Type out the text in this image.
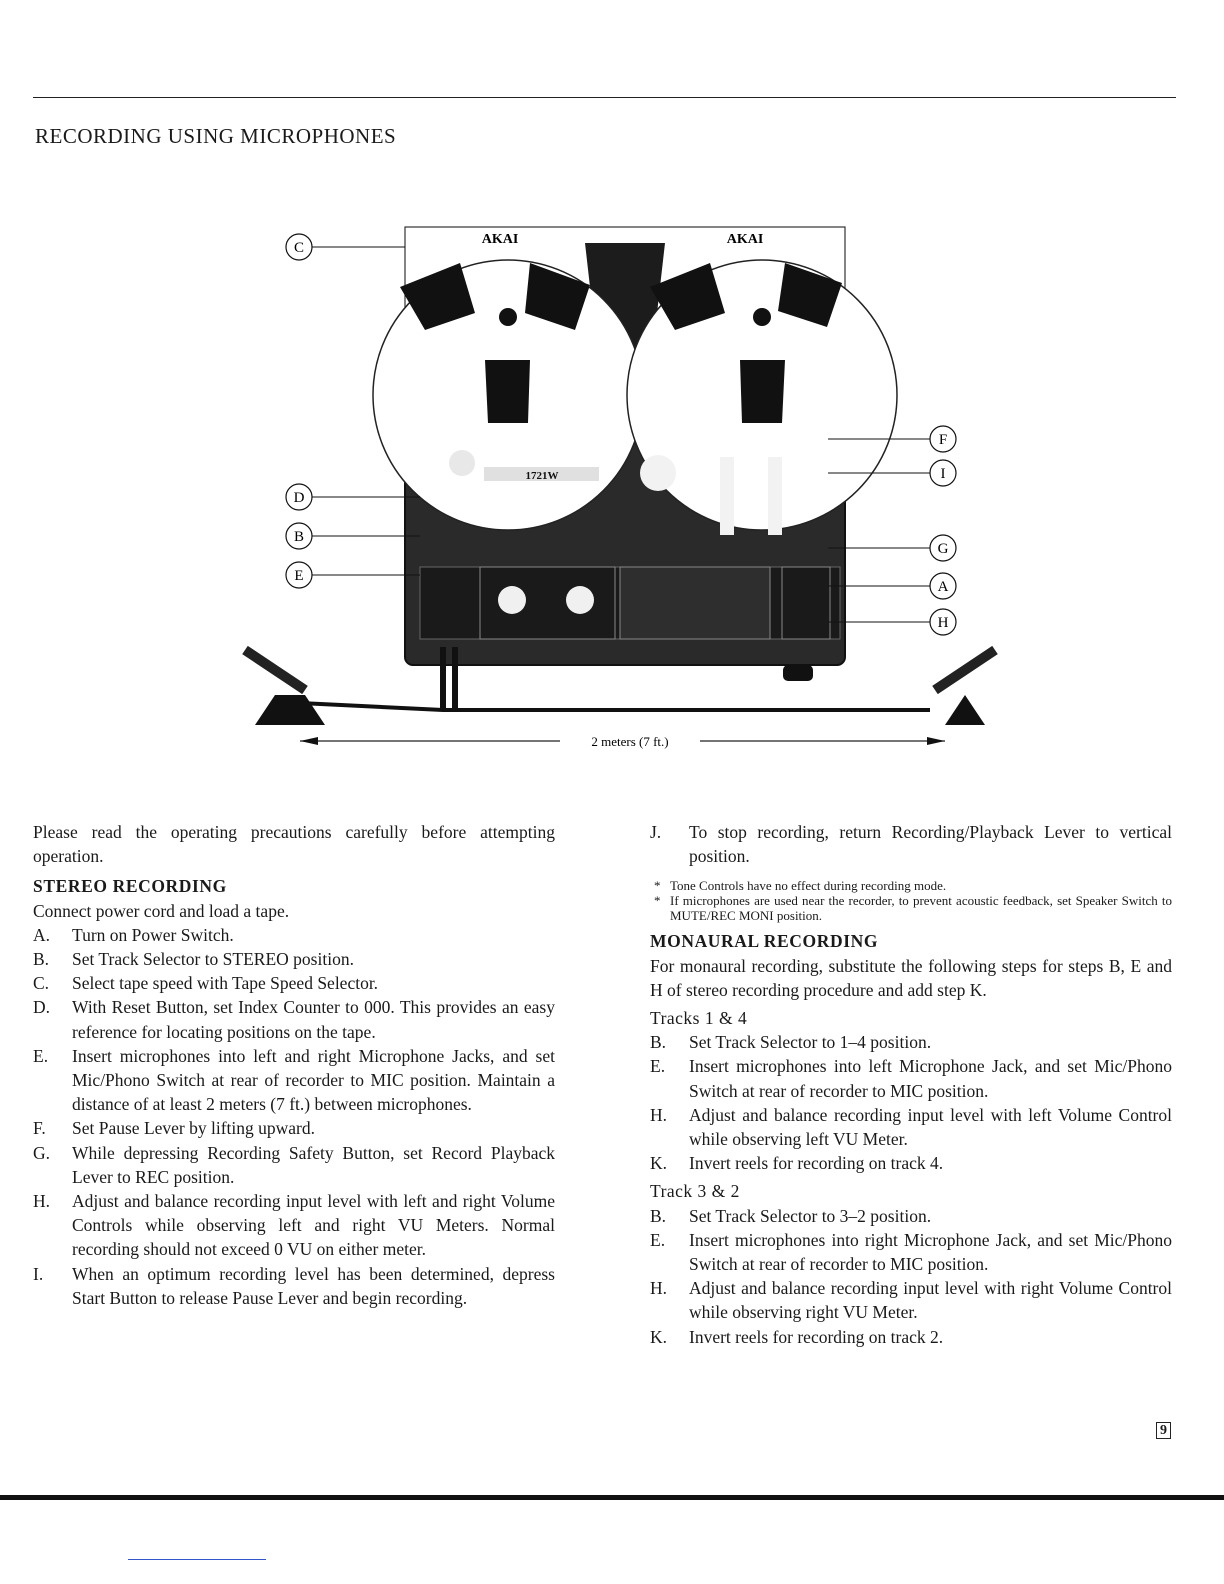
RECORDING USING MICROPHONES
AKAI	AKAI
1721W
2 meters (7 ft.)
C
D
B
E
F
I
G
A
H

Please read the operating precautions carefully before attempting operation.

STEREO RECORDING

Connect power cord and load a tape.

A. Turn on Power Switch.
B. Set Track Selector to STEREO position.
C. Select tape speed with Tape Speed Selector.
D. With Reset Button, set Index Counter to 000. This provides an easy reference for locating positions on the tape.
E. Insert microphones into left and right Microphone Jacks, and set Mic/Phono Switch at rear of recorder to MIC position. Maintain a distance of at least 2 meters (7 ft.) between microphones.
F. Set Pause Lever by lifting upward.
G. While depressing Recording Safety Button, set Record Playback Lever to REC position.
H. Adjust and balance recording input level with left and right Volume Controls while observing left and right VU Meters. Normal recording should not exceed 0 VU on either meter.
I. When an optimum recording level has been determined, depress Start Button to release Pause Lever and begin recording.
J. To stop recording, return Recording/Playback Lever to vertical position.
* Tone Controls have no effect during recording mode.
* If microphones are used near the recorder, to prevent acoustic feedback, set Speaker Switch to MUTE/REC MONI position.

MONAURAL RECORDING

For monaural recording, substitute the following steps for steps B, E and H of stereo recording procedure and add step K.

Tracks 1 & 4

B. Set Track Selector to 1–4 position.
E. Insert microphones into left Microphone Jack, and set Mic/Phono Switch at rear of recorder to MIC position.
H. Adjust and balance recording input level with left Volume Control while observing left VU Meter.
K. Invert reels for recording on track 4.

Track 3 & 2

B. Set Track Selector to 3–2 position.
E. Insert microphones into right Microphone Jack, and set Mic/Phono Switch at rear of recorder to MIC position.
H. Adjust and balance recording input level with right Volume Control while observing right VU Meter.
K. Invert reels for recording on track 2.
9
